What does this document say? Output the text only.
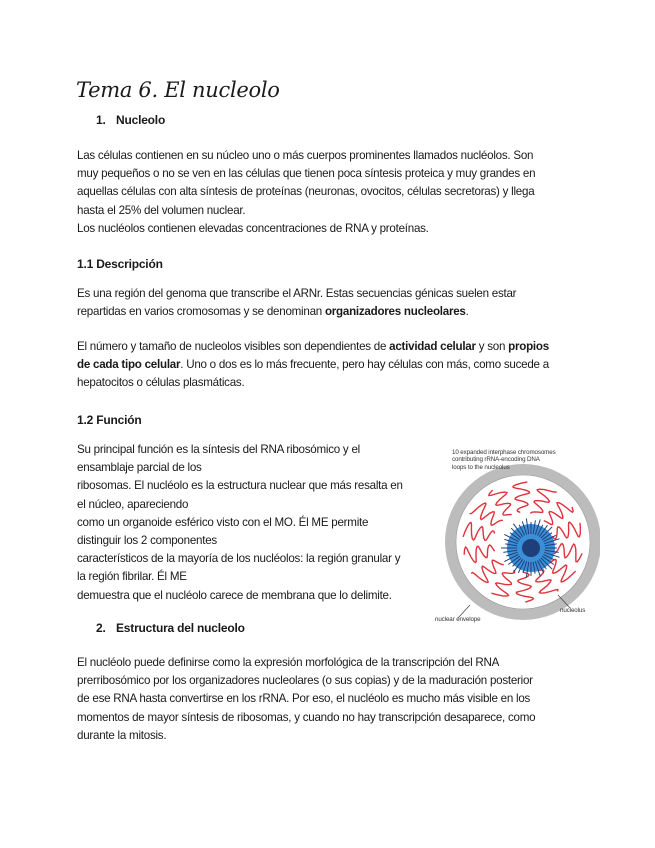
Tema 6. El nucleolo
1. Nucleolo

Las células contienen en su núcleo uno o más cuerpos prominentes llamados nucléolos. Son

muy pequeños o no se ven en las células que tienen poca síntesis proteica y muy grandes en

aquellas células con alta síntesis de proteínas (neuronas, ovocitos, células secretoras) y llega

hasta el 25% del volumen nuclear.

Los nucléolos contienen elevadas concentraciones de RNA y proteínas.

1.1 Descripción

Es una región del genoma que transcribe el ARNr. Estas secuencias génicas suelen estar

repartidas en varios cromosomas y se denominan organizadores nucleolares.

El número y tamaño de nucleolos visibles son dependientes de actividad celular y son propios

de cada tipo celular. Uno o dos es lo más frecuente, pero hay células con más, como sucede a

hepatocitos o células plasmáticas.

1.2 Función

Su principal función es la síntesis del RNA ribosómico y el

ensamblaje parcial de los

ribosomas. El nucléolo es la estructura nuclear que más resalta en

el núcleo, apareciendo

como un organoide esférico visto con el MO. Él ME permite

distinguir los 2 componentes

característicos de la mayoría de los nucléolos: la región granular y

la región fibrilar. Él ME

demuestra que el nucléolo carece de membrana que lo delimite.

10 expanded interphase chromosomes
contributing rRNA-encoding DNA
loops to the nucleolus
nucleolus
nuclear envelope
2. Estructura del nucleolo

El nucléolo puede definirse como la expresión morfológica de la transcripción del RNA

prerribosómico por los organizadores nucleolares (o sus copias) y de la maduración posterior

de ese RNA hasta convertirse en los rRNA. Por eso, el nucléolo es mucho más visible en los

momentos de mayor síntesis de ribosomas, y cuando no hay transcripción desaparece, como

durante la mitosis.
